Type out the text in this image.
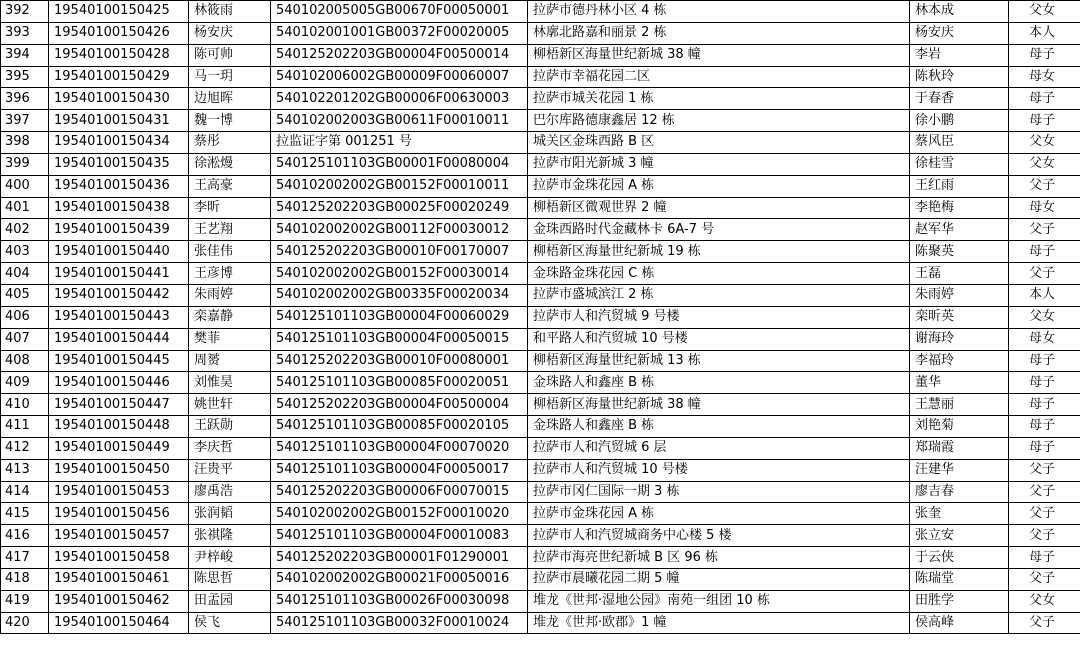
392	19540100150425	林筱雨	540102005005GB00670F00050001	拉萨市德丹林小区 4 栋	林本成	父女
393	19540100150426	杨安庆	540102001001GB00372F00020005	林廓北路嘉和丽景 2 栋	杨安庆	本人
394	19540100150428	陈可帅	540125202203GB00004F00500014	柳梧新区海量世纪新城 38 幢	李岩	母子
395	19540100150429	马一玥	540102006002GB00009F00060007	拉萨市幸福花园二区	陈秋玲	母女
396	19540100150430	边旭晖	540102201202GB00006F00630003	拉萨市城关花园 1 栋	于春香	母子
397	19540100150431	魏一博	540102002003GB00611F00010011	巴尔库路德康鑫居 12 栋	徐小鹏	母子
398	19540100150434	蔡彤	拉监证字第 001251 号	城关区金珠西路 B 区	蔡风臣	父女
399	19540100150435	徐淞熳	540125101103GB00001F00080004	拉萨市阳光新城 3 幢	徐桂雪	父女
400	19540100150436	王高豪	540102002002GB00152F00010011	拉萨市金珠花园 A 栋	王红雨	父子
401	19540100150438	李昕	540125202203GB00025F00020249	柳梧新区微观世界 2 幢	李艳梅	母女
402	19540100150439	王艺翔	540102002002GB00112F00030012	金珠西路时代金藏林卡 6A-7 号	赵军华	父子
403	19540100150440	张佳伟	540125202203GB00010F00170007	柳梧新区海量世纪新城 19 栋	陈聚英	母子
404	19540100150441	王彦博	540102002002GB00152F00030014	金珠路金珠花园 C 栋	王磊	父子
405	19540100150442	朱雨婷	540102002002GB00335F00020034	拉萨市盛城滨江 2 栋	朱雨婷	本人
406	19540100150443	栾嘉静	540125101103GB00004F00060029	拉萨市人和汽贸城 9 号楼	栾昕英	父女
407	19540100150444	樊菲	540125101103GB00004F00050015	和平路人和汽贸城 10 号楼	谢海玲	母女
408	19540100150445	周赟	540125202203GB00010F00080001	柳梧新区海量世纪新城 13 栋	李福玲	母子
409	19540100150446	刘惟昊	540125101103GB00085F00020051	金珠路人和鑫座 B 栋	董华	母子
410	19540100150447	姚世轩	540125202203GB00004F00500004	柳梧新区海量世纪新城 38 幢	王慧丽	母子
411	19540100150448	王跃勋	540125101103GB00085F00020105	金珠路人和鑫座 B 栋	刘艳菊	母子
412	19540100150449	李庆哲	540125101103GB00004F00070020	拉萨市人和汽贸城 6 层	郑瑞霞	母子
413	19540100150450	汪贵平	540125101103GB00004F00050017	拉萨市人和汽贸城 10 号楼	汪建华	父子
414	19540100150453	廖禹浩	540125202203GB00006F00070015	拉萨市冈仁国际一期 3 栋	廖吉春	父子
415	19540100150456	张润韬	540102002002GB00152F00010020	拉萨市金珠花园 A 栋	张奎	父子
416	19540100150457	张祺隆	540125101103GB00004F00010083	拉萨市人和汽贸城商务中心楼 5 楼	张立安	父子
417	19540100150458	尹梓峻	540125202203GB00001F01290001	拉萨市海亮世纪新城 B 区 96 栋	于云侠	母子
418	19540100150461	陈思哲	540102002002GB00021F00050016	拉萨市晨曦花园二期 5 幢	陈瑞堂	父子
419	19540100150462	田孟园	540125101103GB00026F00030098	堆龙《世邦·湿地公园》南苑一组团 10 栋	田胜学	父女
420	19540100150464	侯飞	540125101103GB00032F00010024	堆龙《世邦·欧郡》1 幢	侯高峰	父子
